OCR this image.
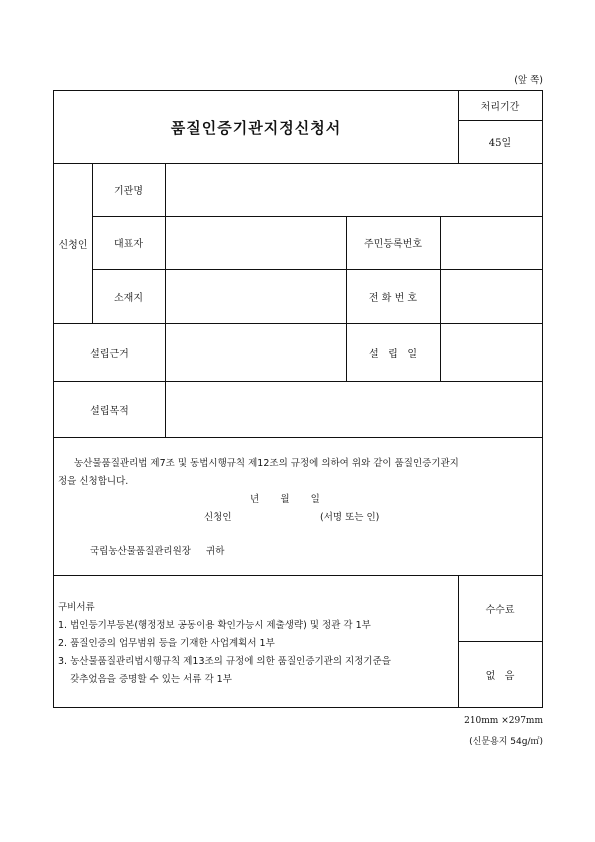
(앞 쪽)
품질인증기관지정신청서
처리기간
45일
신청인
기관명
대표자	주민등록번호
소재지	전 화 번 호
설립근거	설   립   일
설립목적
농산물품질관리법 제7조 및 동법시행규칙 제12조의 규정에 의하여 위와 같이 품질인증기관지
정을 신청합니다.
년       월       일
신청인	(서명 또는 인)
국립농산물품질관리원장     귀하
구비서류
1. 법인등기부등본(행정정보 공동이용 확인가능시 제출생략) 및 정관 각 1부
2. 품질인증의 업무범위 등을 기재한 사업계획서 1부
3. 농산물품질관리법시행규칙 제13조의 규정에 의한 품질인증기관의 지정기준을
갖추었음을 증명할 수 있는 서류 각 1부
수수료
없   음
210mm ×297mm
(신문용지 54g/㎡)
